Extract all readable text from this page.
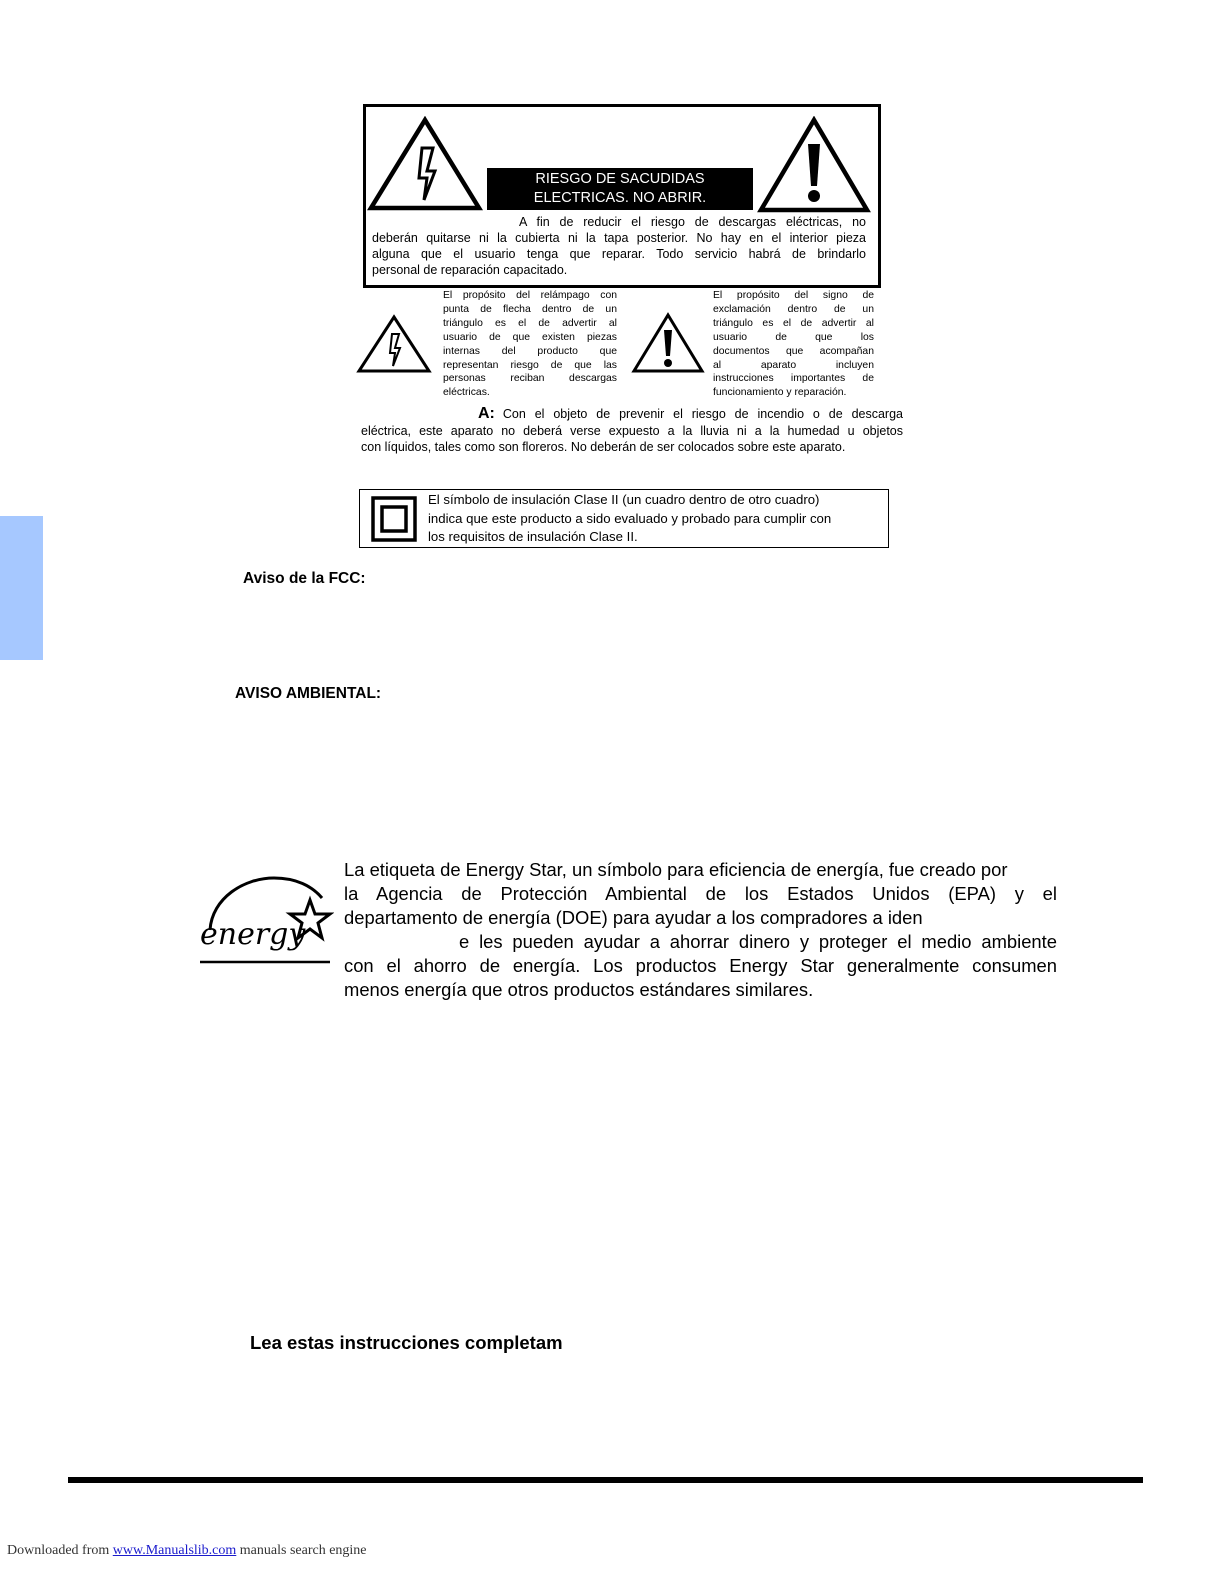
RIESGO DE SACUDIDAS
ELECTRICAS. NO ABRIR.
A fin de reducir el riesgo de descargas eléctricas, no
deberán quitarse ni la cubierta ni la tapa posterior. No hay en el interior pieza
alguna que el usuario tenga que reparar. Todo servicio habrá de brindarlo
personal de reparación capacitado.
El propósito del relámpago con
punta de flecha dentro de un
triángulo es el de advertir al
usuario de que existen piezas
internas del producto que
representan riesgo de que las
personas reciban descargas
eléctricas.
El propósito del signo de
exclamación dentro de un
triángulo es el de advertir al
usuario de que los
documentos que acompañan
al aparato incluyen
instrucciones importantes de
funcionamiento y reparación.
A: Con el objeto de prevenir el riesgo de incendio o de descarga
eléctrica, este aparato no deberá verse expuesto a la lluvia ni a la humedad u objetos
con líquidos, tales como son floreros. No deberán de ser colocados sobre este aparato.
El símbolo de insulación Clase II (un cuadro dentro de otro cuadro)
indica que este producto a sido evaluado y probado para cumplir con
los requisitos de insulación Clase II.
Aviso de la FCC:
AVISO AMBIENTAL:
energy
La etiqueta de Energy Star, un símbolo para eficiencia de energía, fue creado por
la Agencia de Protección Ambiental de los Estados Unidos (EPA) y el
departamento de energía (DOE) para ayudar a los compradores a iden
e les pueden ayudar a ahorrar dinero y proteger el medio ambiente
con el ahorro de energía. Los productos Energy Star generalmente consumen
menos energía que otros productos estándares similares.
Lea estas instrucciones completam
Downloaded from www.Manualslib.com manuals search engine
